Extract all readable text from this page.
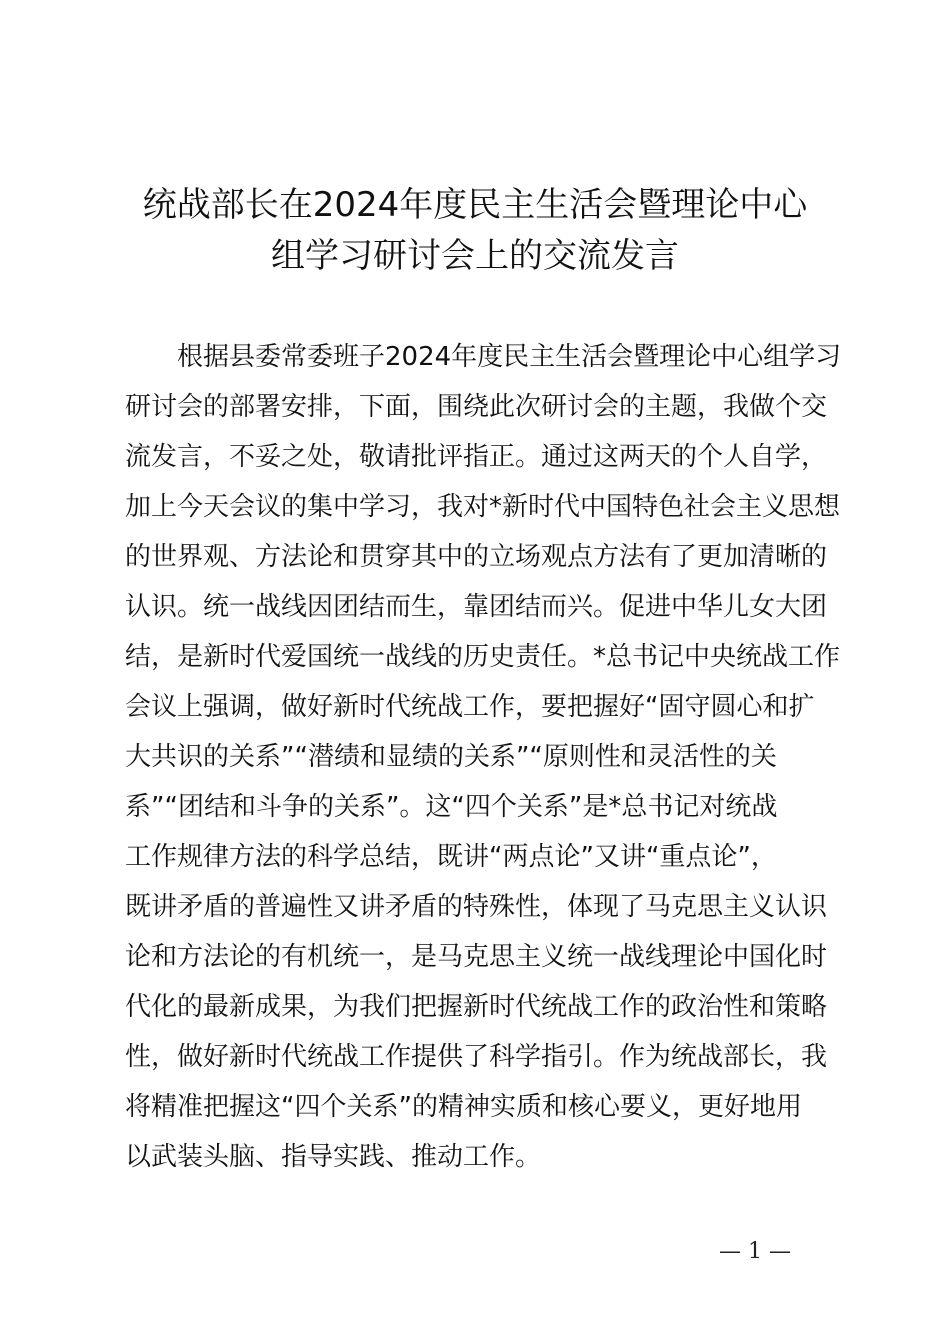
统战部长在2024年度民主生活会暨理论中心
组学习研讨会上的交流发言
根据县委常委班子2024年度民主生活会暨理论中心组学习
研讨会的部署安排，下面，围绕此次研讨会的主题，我做个交
流发言，不妥之处，敬请批评指正。通过这两天的个人自学，
加上今天会议的集中学习，我对*新时代中国特色社会主义思想
的世界观、方法论和贯穿其中的立场观点方法有了更加清晰的
认识。统一战线因团结而生，靠团结而兴。促进中华儿女大团
结，是新时代爱国统一战线的历史责任。*总书记中央统战工作
会议上强调，做好新时代统战工作，要把握好“固守圆心和扩
大共识的关系”“潜绩和显绩的关系”“原则性和灵活性的关
系”“团结和斗争的关系”。这“四个关系”是*总书记对统战
工作规律方法的科学总结，既讲“两点论”又讲“重点论”，
既讲矛盾的普遍性又讲矛盾的特殊性，体现了马克思主义认识
论和方法论的有机统一，是马克思主义统一战线理论中国化时
代化的最新成果，为我们把握新时代统战工作的政治性和策略
性，做好新时代统战工作提供了科学指引。作为统战部长，我
将精准把握这“四个关系”的精神实质和核心要义，更好地用
以武装头脑、指导实践、推动工作。
— 1 —
